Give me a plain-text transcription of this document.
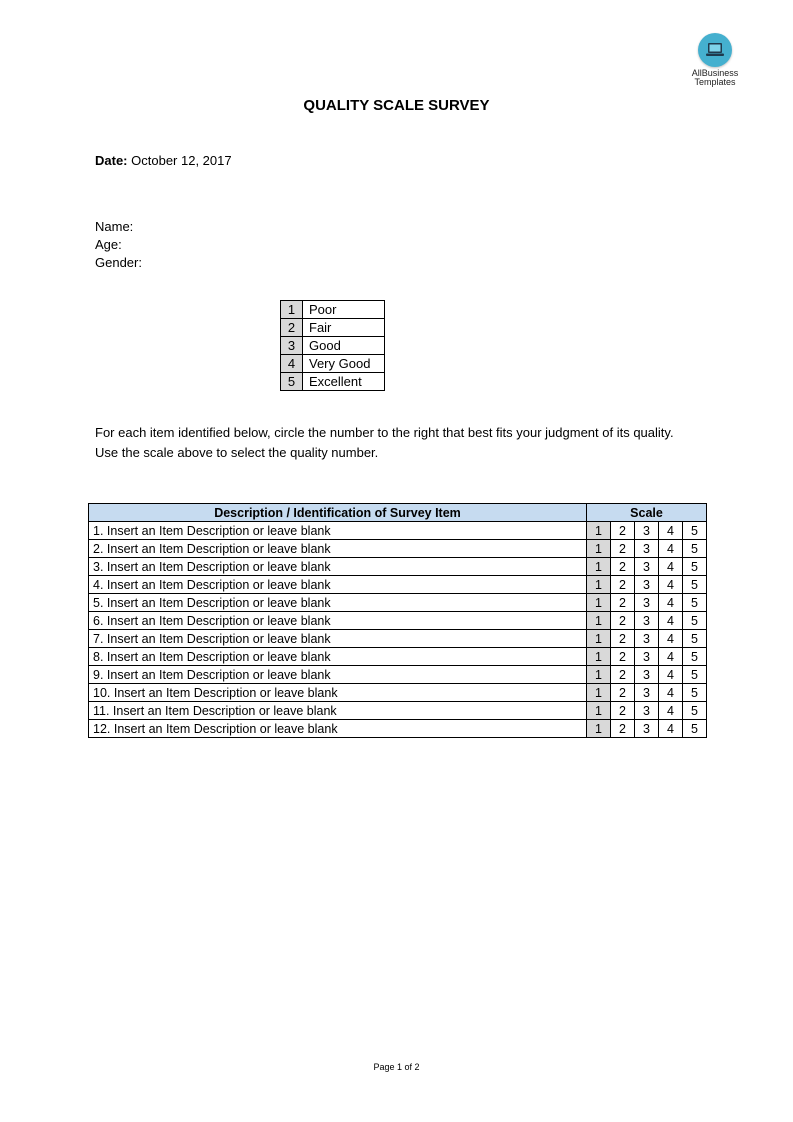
AllBusiness
Templates
QUALITY SCALE SURVEY
Date: October 12, 2017
Name:
Age:
Gender:
1	Poor
2	Fair
3	Good
4	Very Good
5	Excellent
For each item identified below, circle the number to the right that best fits your judgment of its quality. Use the scale above to select the quality number.
Description / Identification of Survey Item	Scale				
1. Insert an Item Description or leave blank	1	2	3	4	5
2. Insert an Item Description or leave blank	1	2	3	4	5
3. Insert an Item Description or leave blank	1	2	3	4	5
4. Insert an Item Description or leave blank	1	2	3	4	5
5. Insert an Item Description or leave blank	1	2	3	4	5
6. Insert an Item Description or leave blank	1	2	3	4	5
7. Insert an Item Description or leave blank	1	2	3	4	5
8. Insert an Item Description or leave blank	1	2	3	4	5
9. Insert an Item Description or leave blank	1	2	3	4	5
10. Insert an Item Description or leave blank	1	2	3	4	5
11. Insert an Item Description or leave blank	1	2	3	4	5
12. Insert an Item Description or leave blank	1	2	3	4	5
Page 1 of 2
